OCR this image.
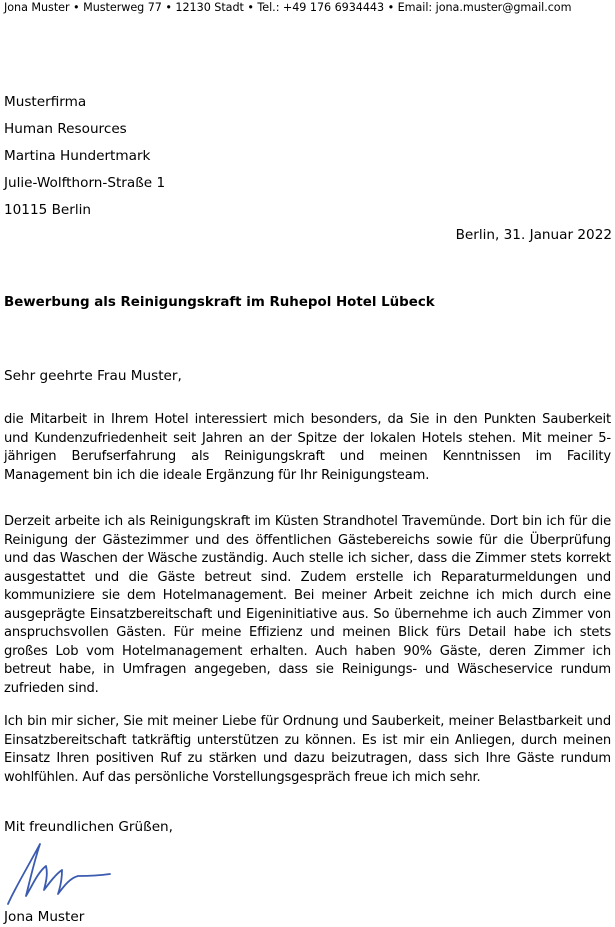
Jona Muster • Musterweg 77 • 12130 Stadt • Tel.: +49 176 6934443 • Email: jona.muster@gmail.com
Musterfirma
Human Resources
Martina Hundertmark
Julie-Wolfthorn-Straße 1
10115 Berlin
Berlin, 31. Januar 2022
Bewerbung als Reinigungskraft im Ruhepol Hotel Lübeck
Sehr geehrte Frau Muster,

die Mitarbeit in Ihrem Hotel interessiert mich besonders, da Sie in den Punkten Sauberkeit und Kundenzufriedenheit seit Jahren an der Spitze der lokalen Hotels stehen. Mit meiner 5-jährigen Berufserfahrung als Reinigungskraft und meinen Kenntnissen im Facility Management bin ich die ideale Ergänzung für Ihr Reinigungsteam.

Derzeit arbeite ich als Reinigungskraft im Küsten Strandhotel Travemünde. Dort bin ich für die Reinigung der Gästezimmer und des öffentlichen Gästebereichs sowie für die Überprüfung und das Waschen der Wäsche zuständig. Auch stelle ich sicher, dass die Zimmer stets korrekt ausgestattet und die Gäste betreut sind. Zudem erstelle ich Reparaturmeldungen und kommuniziere sie dem Hotelmanagement. Bei meiner Arbeit zeichne ich mich durch eine ausgeprägte Einsatzbereitschaft und Eigeninitiative aus. So übernehme ich auch Zimmer von anspruchsvollen Gästen. Für meine Effizienz und meinen Blick fürs Detail habe ich stets großes Lob vom Hotelmanagement erhalten. Auch haben 90% Gäste, deren Zimmer ich betreut habe, in Umfragen angegeben, dass sie Reinigungs- und Wäscheservice rundum zufrieden sind.

Ich bin mir sicher, Sie mit meiner Liebe für Ordnung und Sauberkeit, meiner Belastbarkeit und Einsatzbereitschaft tatkräftig unterstützen zu können. Es ist mir ein Anliegen, durch meinen Einsatz Ihren positiven Ruf zu stärken und dazu beizutragen, dass sich Ihre Gäste rundum wohlfühlen. Auf das persönliche Vorstellungsgespräch freue ich mich sehr.

Mit freundlichen Grüßen,
Jona Muster
